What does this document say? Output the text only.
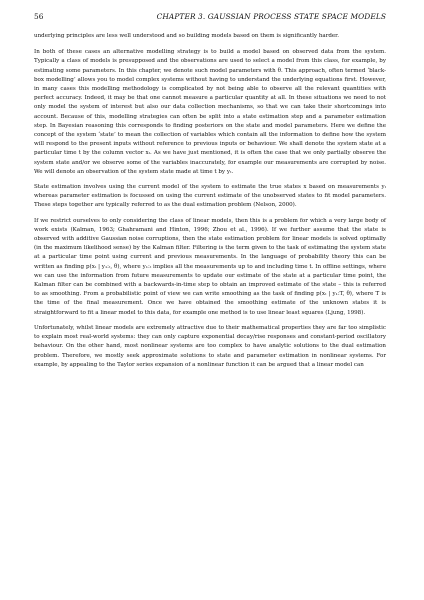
56	CHAPTER 3. GAUSSIAN PROCESS STATE SPACE MODELS

underlying principles are less well understood and so building models based on them is significantly harder.

In both of these cases an alternative modelling strategy is to build a model based on observed data from the system. Typically a class of models is presupposed and the observations are used to select a model from this class, for example, by estimating some parameters. In this chapter, we denote such model parameters with θ. This approach, often termed ‘black-box modelling’ allows you to model complex systems without having to understand the underlying equations first. However, in many cases this modelling methodology is complicated by not being able to observe all the relevant quantities with perfect accuracy. Indeed, it may be that one cannot measure a particular quantity at all. In these situations we need to not only model the system of interest but also our data collection mechanisms, so that we can take their shortcomings into account. Because of this, modelling strategies can often be split into a state estimation step and a parameter estimation step. In Bayesian reasoning this corresponds to finding posteriors on the state and model parameters. Here we define the concept of the system ‘state’ to mean the collection of variables which contain all the information to define how the system will respond to the present inputs without reference to previous inputs or behaviour. We shall denote the system state at a particular time t by the column vector xₜ. As we have just mentioned, it is often the case that we only partially observe the system state and/or we observe some of the variables inaccurately, for example our measurements are corrupted by noise. We will denote an observation of the system state made at time t by yₜ.

State estimation involves using the current model of the system to estimate the true states x based on measurements yₜ whereas parameter estimation is focussed on using the current estimate of the unobserved states to fit model parameters. These steps together are typically referred to as the dual estimation problem (Nelson, 2000).

If we restrict ourselves to only considering the class of linear models, then this is a problem for which a very large body of work exists (Kalman, 1963; Ghahramani and Hinton, 1996; Zhou et al., 1996). If we further assume that the state is observed with additive Gaussian noise corruptions, then the state estimation problem for linear models is solved optimally (in the maximum likelihood sense) by the Kalman filter. Filtering is the term given to the task of estimating the system state at a particular time point using current and previous measurements. In the language of probability theory this can be written as finding p(xₜ | y₁:ₜ, θ), where y₁:ₜ implies all the measurements up to and including time t. In offline settings, where we can use the information from future measurements to update our estimate of the state at a particular time point, the Kalman filter can be combined with a backwards-in-time step to obtain an improved estimate of the state – this is referred to as smoothing. From a probabilistic point of view we can write smoothing as the task of finding p(xₜ | y₁:T, θ), where T is the time of the final measurement. Once we have obtained the smoothing estimate of the unknown states it is straightforward to fit a linear model to this data, for example one method is to use linear least squares (Ljung, 1998).

Unfortunately, whilst linear models are extremely attractive due to their mathematical properties they are far too simplistic to explain most real-world systems: they can only capture exponential decay/rise responses and constant-period oscillatory behaviour. On the other hand, most nonlinear systems are too complex to have analytic solutions to the dual estimation problem. Therefore, we mostly seek approximate solutions to state and parameter estimation in nonlinear systems. For example, by appealing to the Taylor series expansion of a nonlinear function it can be argued that a linear model can
